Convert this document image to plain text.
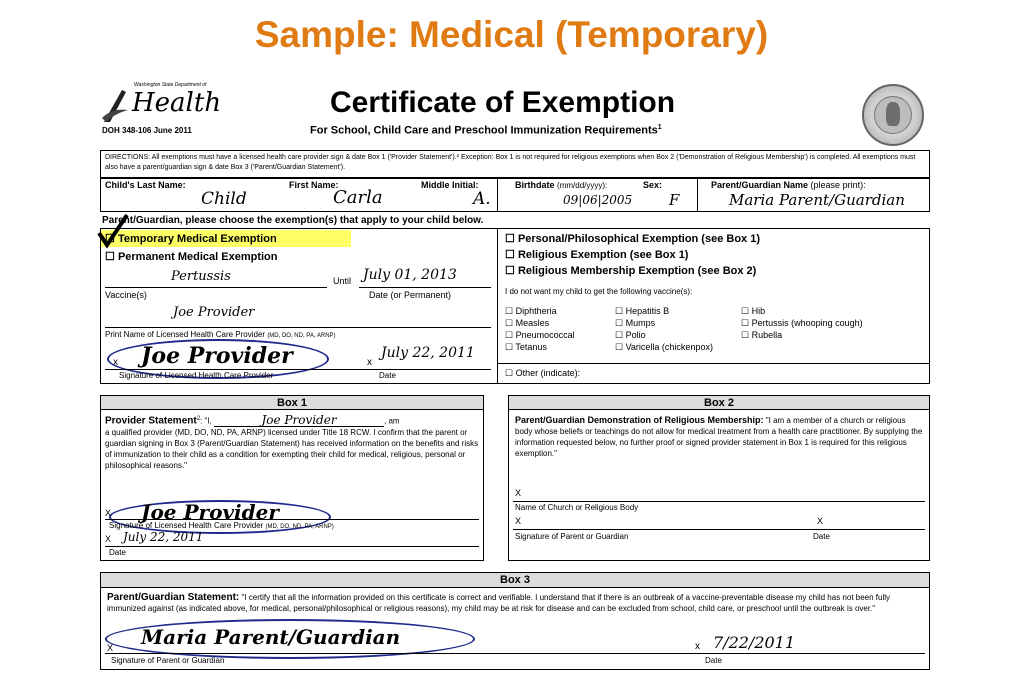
Sample: Medical (Temporary)
Washington State Department of
Health
DOH 348-106 June 2011
Certificate of Exemption
For School, Child Care and Preschool Immunization Requirements$^1$
DIRECTIONS: All exemptions must have a licensed health care provider sign & date Box 1 ('Provider Statement').² Exception: Box 1 is not required for religious exemptions when Box 2 ('Demonstration of Religious Membership') is completed. All exemptions must also have a parent/guardian sign & date Box 3 ('Parent/Guardian Statement').
Child's Last Name:
Child
First Name:
Carla
Middle Initial:
A.
Birthdate (mm/dd/yyyy):
09|06|2005
Sex:
F
Parent/Guardian Name (please print):
Maria Parent/Guardian
Parent/Guardian, please choose the exemption(s) that apply to your child below.
☐ Temporary Medical Exemption
☐ Permanent Medical Exemption
Pertussis	Until July 01, 2013
Vaccine(s)	Date (or Permanent)
Joe Provider
Print Name of Licensed Health Care Provider (MD, DO, ND, PA, ARNP)
x Joe Provider	x
July 22, 2011
Signature of Licensed Health Care Provider	Date
☐ Personal/Philosophical Exemption (see Box 1)
☐ Religious Exemption (see Box 1)
☐ Religious Membership Exemption (see Box 2)
I do not want my child to get the following vaccine(s):
☐ Diphtheria	☐ Hepatitis B	☐ Hib
☐ Measles	☐ Mumps	☐ Pertussis (whooping cough)
☐ Pneumococcal	☐ Polio	☐ Rubella
☐ Tetanus	☐ Varicella (chickenpox)
☐ Other (indicate):
Box 1
Provider Statement$^2$: "I,	Joe Provider	, am
a qualified provider (MD, DO, ND, PA, ARNP) licensed under Title 18 RCW. I confirm that the parent or guardian signing in Box 3 (Parent/Guardian Statement) has received information on the benefits and risks of immunization to their child as a condition for exempting their child for medical, religious, personal or philosophical reasons."
X Joe Provider
Signature of Licensed Health Care Provider (MD, DO, ND, PA, ARNP)
X July 22, 2011
Date
Box 2
Parent/Guardian Demonstration of Religious Membership: "I am a member of a church or religious body whose beliefs or teachings do not allow for medical treatment from a health care practitioner. By supplying the information requested below, no further proof or signed provider statement in Box 1 is required for this religious exemption."
X
Name of Church or Religious Body
X	X
Signature of Parent or Guardian	Date
Box 3
Parent/Guardian Statement: "I certify that all the information provided on this certificate is correct and verifiable. I understand that if there is an outbreak of a vaccine-preventable disease my child has not been fully immunized against (as indicated above, for medical, personal/philosophical or religious reasons), my child may be at risk for disease and can be excluded from school, child care, or preschool until the outbreak is over."
X Maria Parent/Guardian	x 7/22/2011
Signature of Parent or Guardian	Date
